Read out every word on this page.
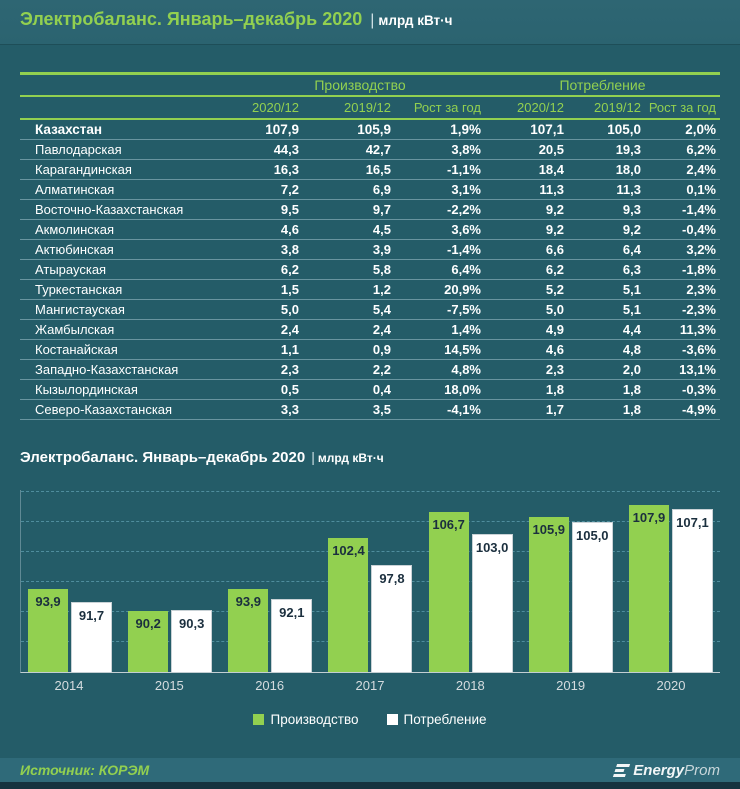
Электробаланс. Январь–декабрь 2020 | млрд кВт·ч
Производство	Потребление
2020/12	2019/12	Рост за год	2020/12	2019/12 Рост за год
Казахстан	107,9	105,9	1,9%	107,1	105,0	2,0%
Павлодарская	44,3	42,7	3,8%	20,5	19,3	6,2%
Карагандинская	16,3	16,5	-1,1%	18,4	18,0	2,4%
Алматинская	7,2	6,9	3,1%	11,3	11,3	0,1%
Восточно-Казахстанская	9,5	9,7	-2,2%	9,2	9,3	-1,4%
Акмолинская	4,6	4,5	3,6%	9,2	9,2	-0,4%
Актюбинская	3,8	3,9	-1,4%	6,6	6,4	3,2%
Атырауская	6,2	5,8	6,4%	6,2	6,3	-1,8%
Туркестанская	1,5	1,2	20,9%	5,2	5,1	2,3%
Мангистауская	5,0	5,4	-7,5%	5,0	5,1	-2,3%
Жамбылская	2,4	2,4	1,4%	4,9	4,4	11,3%
Костанайская	1,1	0,9	14,5%	4,6	4,8	-3,6%
Западно-Казахстанская	2,3	2,2	4,8%	2,3	2,0	13,1%
Кызылординская	0,5	0,4	18,0%	1,8	1,8	-0,3%
Северо-Казахстанская	3,3	3,5	-4,1%	1,7	1,8	-4,9%
Электробаланс. Январь–декабрь 2020 | млрд кВт·ч
93,9
91,7
90,2	90,3
93,9
92,1
102,4
97,8
106,7
103,0
105,9 105,0
107,9 107,1
2014	2015	2016	2017	2018	2019	2020
Производство	Потребление
Источник: КОРЭМ	EnergyProm
